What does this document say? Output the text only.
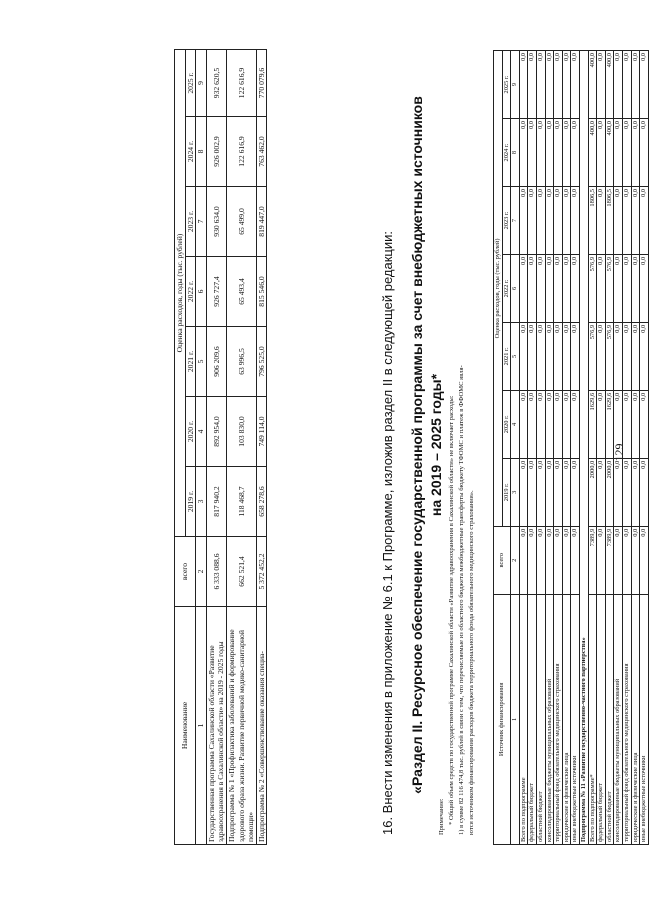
129
Источник финансирования	всего	Оценка расходов, годы (тыс. рублей)						
		2019 г.	2020 г.	2021 г.	2022 г.	2023 г.	2024 г.	2025 г.
1	2	3	4	5	6	7	8	9
Всего по подпрограмме	0,0	0,0	0,0	0,0	0,0	0,0	0,0	0,0
федеральный бюджет	0,0	0,0	0,0	0,0	0,0	0,0	0,0	0,0
областной бюджет	0,0	0,0	0,0	0,0	0,0	0,0	0,0	0,0
консолидированные бюджеты муниципальных образований	0,0	0,0	0,0	0,0	0,0	0,0	0,0	0,0
территориальный фонд обязательного медицинского страхования	0,0	0,0	0,0	0,0	0,0	0,0	0,0	0,0
юридические и физические лица	0,0	0,0	0,0	0,0	0,0	0,0	0,0	0,0
иные внебюджетные источники	0,0	0,0	0,0	0,0	0,0	0,0	0,0	0,0
Подпрограмма № 11 «Развитие государственно-частного партнерства»								
Всего по подпрограмме*	7389,9	2000,0	1629,6	576,9	576,9	1806,5	400,0	400,0
федеральный бюджет	0,0	0,0	0,0	0,0	0,0	0,0	0,0	0,0
областной бюджет	7389,9	2000,0	1629,6	576,9	576,9	1806,5	400,0	400,0
консолидированные бюджеты муниципальных образований	0,0	0,0	0,0	0,0	0,0	0,0	0,0	0,0
территориальный фонд обязательного медицинского страхования	0,0	0,0	0,0	0,0	0,0	0,0	0,0	0,0
юридические и физические лица	0,0	0,0	0,0	0,0	0,0	0,0	0,0	0,0
иные внебюджетные источники	0,0	0,0	0,0	0,0	0,0	0,0	0,0	0,0
Примечание: * Общий объем средств по государственной программе Сахалинской области «Развитие здравоохранения в Сахалинской области» не включает расходы: 1) в сумме 82 116 474,8 тыс. рублей в связи с тем, что перечисляемые из областного бюджета межбюджетные трансферты бюджету ТФОМС и платеж в ФФОМС явля- ются источником финансирования расходов бюджета территориального фонда обязательного медицинского страхования».
16. Внести изменения в приложение № 6.1 к Программе, изложив раздел II в следующей редакции: «Раздел II. Ресурсное обеспечение государственной программы за счет внебюджетных источников на 2019 – 2025 годы*
Наименование	всего	Оценка расходов, годы (тыс. рублей)						
		2019 г.	2020 г.	2021 г.	2022 г.	2023 г.	2024 г.	2025 г.
1	2	3	4	5	6	7	8	9
Государственная программа Сахалинской области «Развитие здравоохранения в Сахалинской области» на 2019 - 2025 годы	6 333 088,6	817 940,2	892 954,0	906 209,6	926 727,4	930 634,0	926 002,9	932 620,5
Подпрограмма № 1 «Профилактика заболеваний и формирование здорового образа жизни. Развитие первичной медико-санитарной помощи»	662 521,4	118 468,7	103 830,0	63 996,5	65 493,4	65 499,0	122 616,9	122 616,9
Подпрограмма № 2 «Совершенствование оказания специа-	5 372 452,2	658 278,6	749 114,0	796 525,0	815 546,0	819 447,0	763 462,0	770 079,6
